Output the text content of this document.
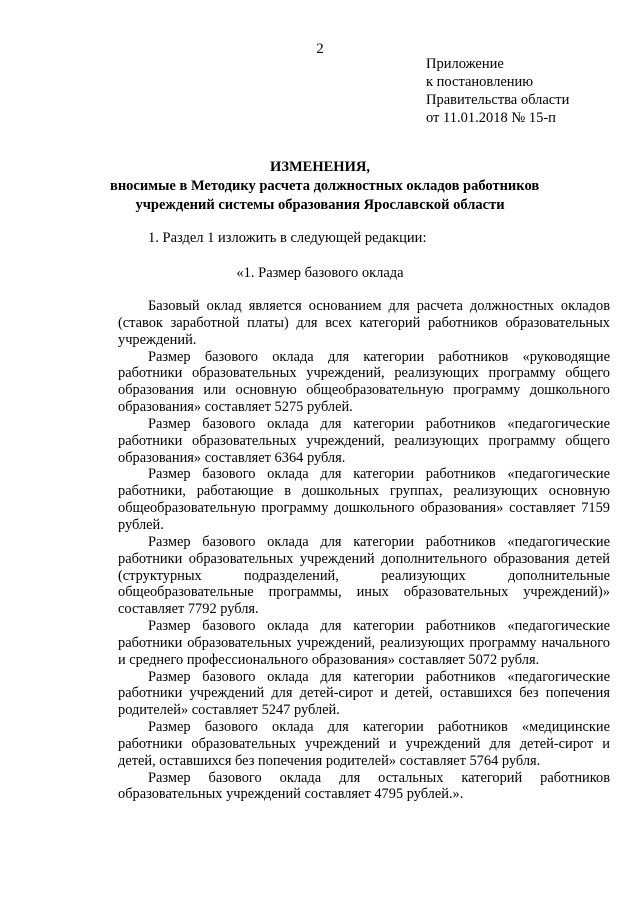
2
Приложение
к постановлению
Правительства области
от 11.01.2018 № 15-п
ИЗМЕНЕНИЯ,
вносимые в Методику расчета должностных окладов работников
учреждений системы образования Ярославской области
1. Раздел 1 изложить в следующей редакции:
«1. Размер базового оклада

Базовый оклад является основанием для расчета должностных окладов (ставок заработной платы) для всех категорий работников образовательных учреждений.

Размер базового оклада для категории работников «руководящие работники образовательных учреждений, реализующих программу общего образования или основную общеобразовательную программу дошкольного образования» составляет 5275 рублей.

Размер базового оклада для категории работников «педагогические работники образовательных учреждений, реализующих программу общего образования» составляет 6364 рубля.

Размер базового оклада для категории работников «педагогические работники, работающие в дошкольных группах, реализующих основную общеобразовательную программу дошкольного образования» составляет 7159 рублей.

Размер базового оклада для категории работников «педагогические работники образовательных учреждений дополнительного образования детей (структурных подразделений, реализующих дополнительные общеобразовательные программы, иных образовательных учреждений)» составляет 7792 рубля.

Размер базового оклада для категории работников «педагогические работники образовательных учреждений, реализующих программу начального и среднего профессионального образования» составляет 5072 рубля.

Размер базового оклада для категории работников «педагогические работники учреждений для детей-сирот и детей, оставшихся без попечения родителей» составляет 5247 рублей.

Размер базового оклада для категории работников «медицинские работники образовательных учреждений и учреждений для детей-сирот и детей, оставшихся без попечения родителей» составляет 5764 рубля.

Размер базового оклада для остальных категорий работников образовательных учреждений составляет 4795 рублей.».
